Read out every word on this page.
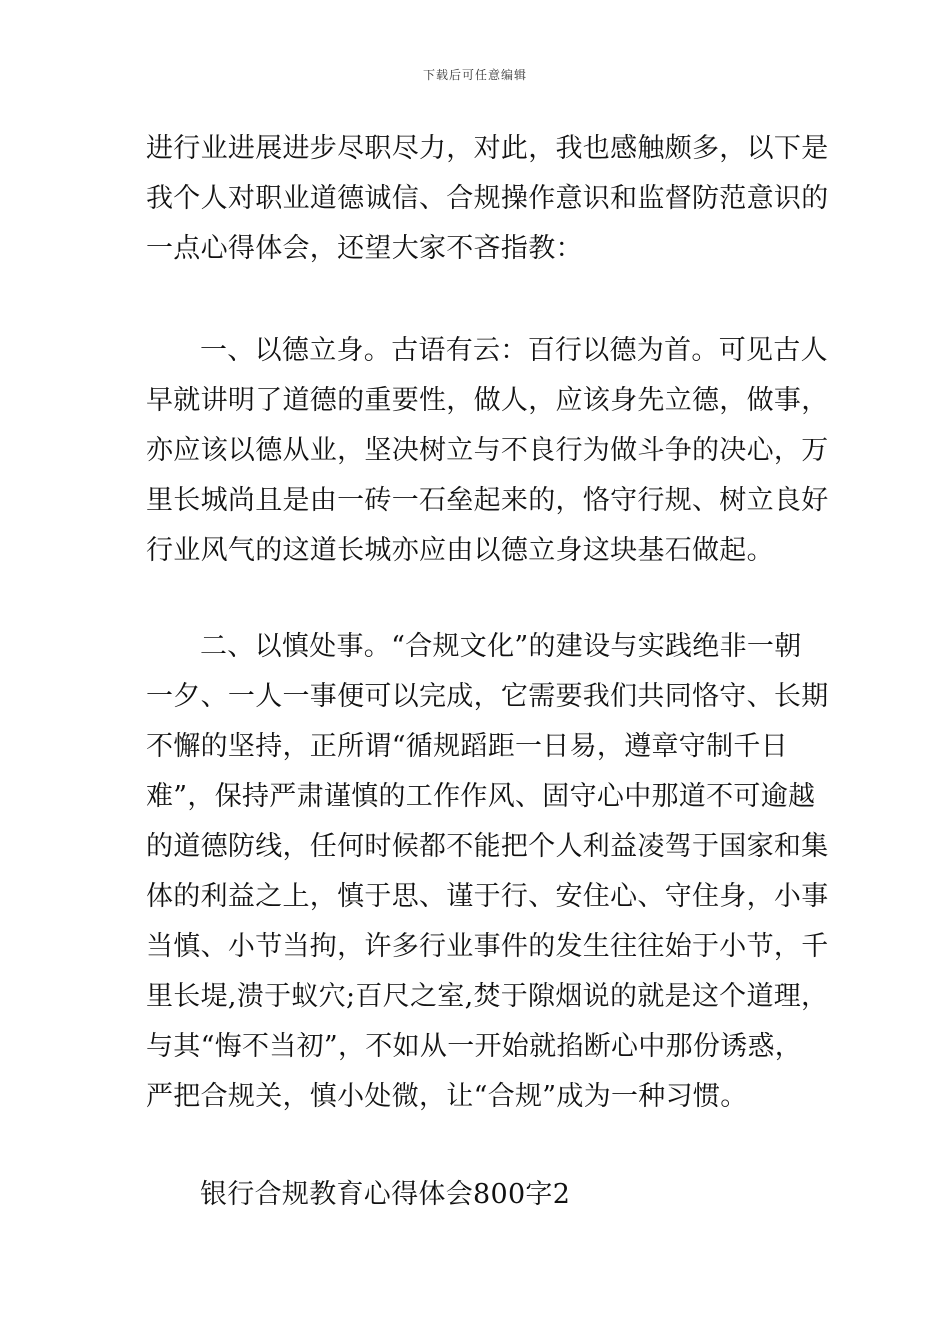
下载后可任意编辑
进行业进展进步尽职尽力，对此，我也感触颇多，以下是
我个人对职业道德诚信、合规操作意识和监督防范意识的
一点心得体会，还望大家不吝指教：
一、以德立身。古语有云：百行以德为首。可见古人
早就讲明了道德的重要性，做人，应该身先立德，做事，
亦应该以德从业，坚决树立与不良行为做斗争的决心，万
里长城尚且是由一砖一石垒起来的，恪守行规、树立良好
行业风气的这道长城亦应由以德立身这块基石做起。
二、以慎处事。“合规文化”的建设与实践绝非一朝
一夕、一人一事便可以完成，它需要我们共同恪守、长期
不懈的坚持，正所谓“循规蹈距一日易，遵章守制千日
难”，保持严肃谨慎的工作作风、固守心中那道不可逾越
的道德防线，任何时候都不能把个人利益凌驾于国家和集
体的利益之上，慎于思、谨于行、安住心、守住身，小事
当慎、小节当拘，许多行业事件的发生往往始于小节，千
里长堤,溃于蚁穴;百尺之室,焚于隙烟说的就是这个道理，
与其“悔不当初”，不如从一开始就掐断心中那份诱惑，
严把合规关，慎小处微，让“合规”成为一种习惯。
银行合规教育心得体会800字2
